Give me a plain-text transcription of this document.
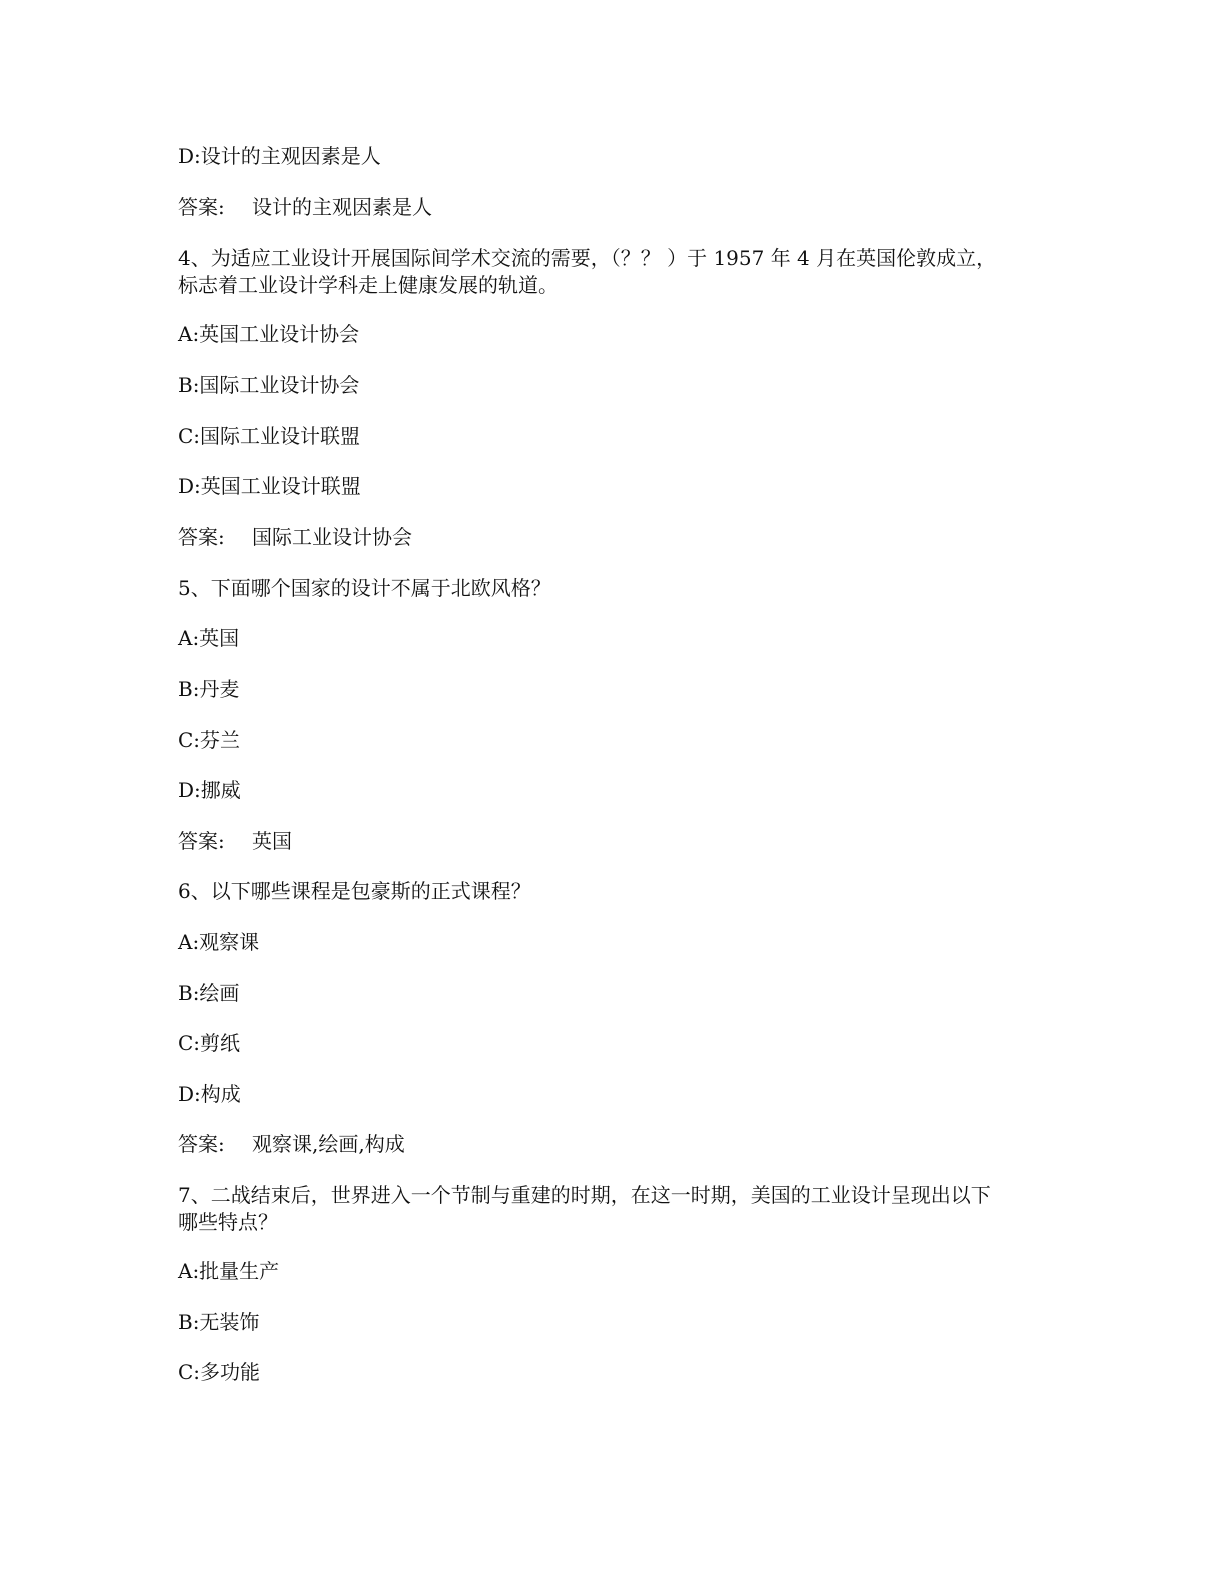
D:设计的主观因素是人
答案: 设计的主观因素是人
4、为适应工业设计开展国际间学术交流的需要，（？？ ）于 1957 年 4 月在英国伦敦成立，
标志着工业设计学科走上健康发展的轨道。
A:英国工业设计协会
B:国际工业设计协会
C:国际工业设计联盟
D:英国工业设计联盟
答案: 国际工业设计协会
5、下面哪个国家的设计不属于北欧风格？
A:英国
B:丹麦
C:芬兰
D:挪威
答案: 英国
6、以下哪些课程是包豪斯的正式课程？
A:观察课
B:绘画
C:剪纸
D:构成
答案: 观察课,绘画,构成
7、二战结束后，世界进入一个节制与重建的时期，在这一时期，美国的工业设计呈现出以下
哪些特点？
A:批量生产
B:无装饰
C:多功能
